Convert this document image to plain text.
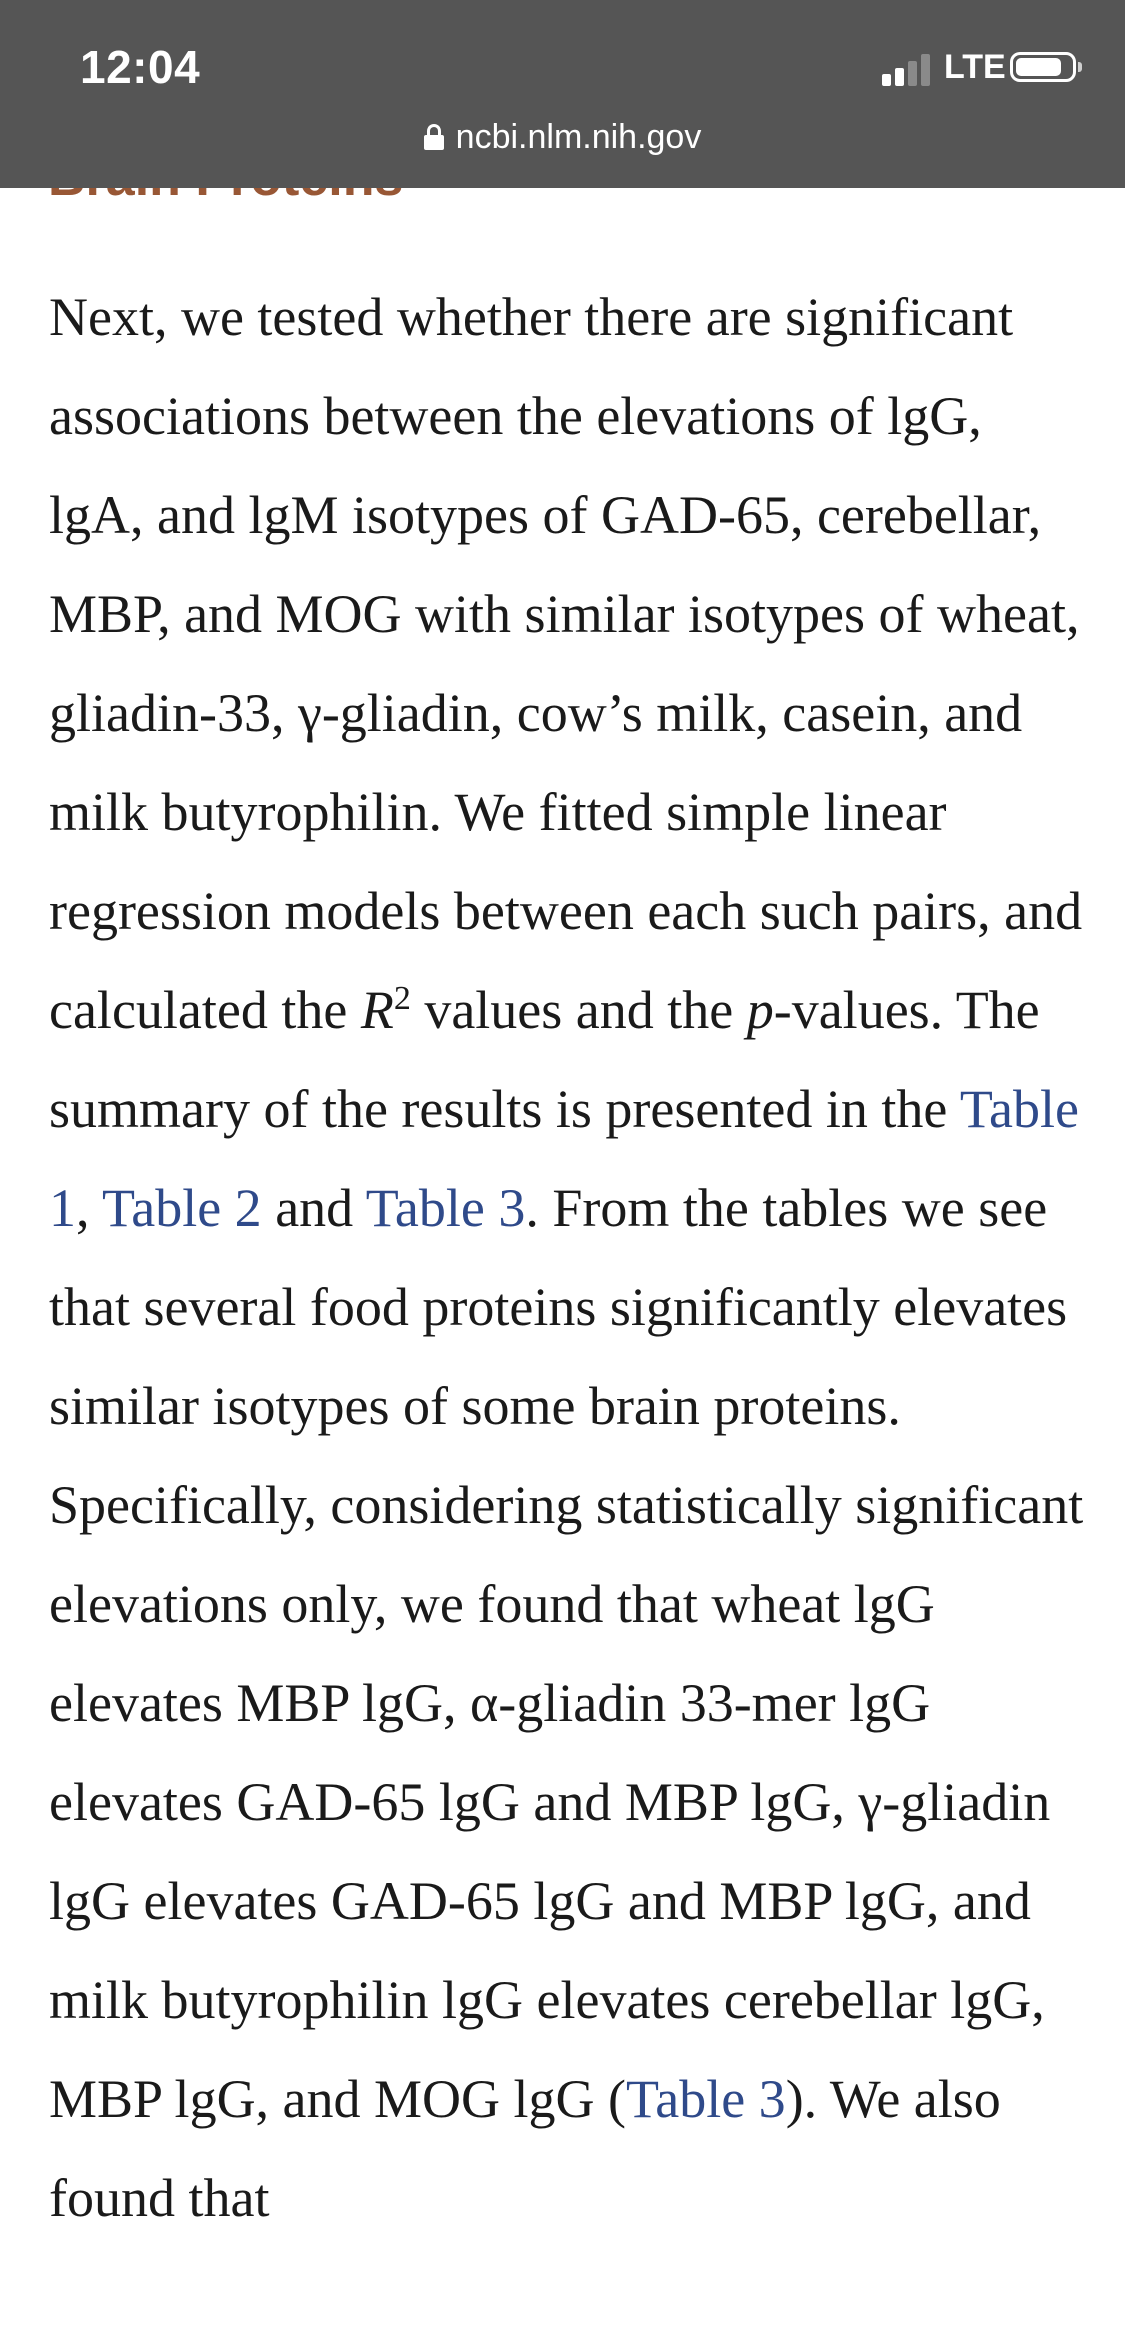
Next, we tested whether there are significant associations between the elevations of lgG, lgA, and lgM isotypes of GAD-65, cerebellar, MBP, and MOG with similar isotypes of wheat, gliadin-33, γ-gliadin, cow’s milk, casein, and milk butyrophilin. We fitted simple linear regression models between each such pairs, and calculated the $R^2$ values and the p-values. The summary of the results is presented in the Table 1, Table 2 and Table 3. From the tables we see that several food proteins significantly elevates similar isotypes of some brain proteins. Specifically, considering statistically significant elevations only, we found that wheat lgG elevates MBP lgG, α-gliadin 33-mer lgG elevates GAD-65 lgG and MBP lgG, γ-gliadin lgG elevates GAD-65 lgG and MBP lgG, and milk butyrophilin lgG elevates cerebellar lgG, MBP lgG, and MOG lgG (Table 3). We also found that

12:04	LTE
ncbi.nlm.nih.gov
